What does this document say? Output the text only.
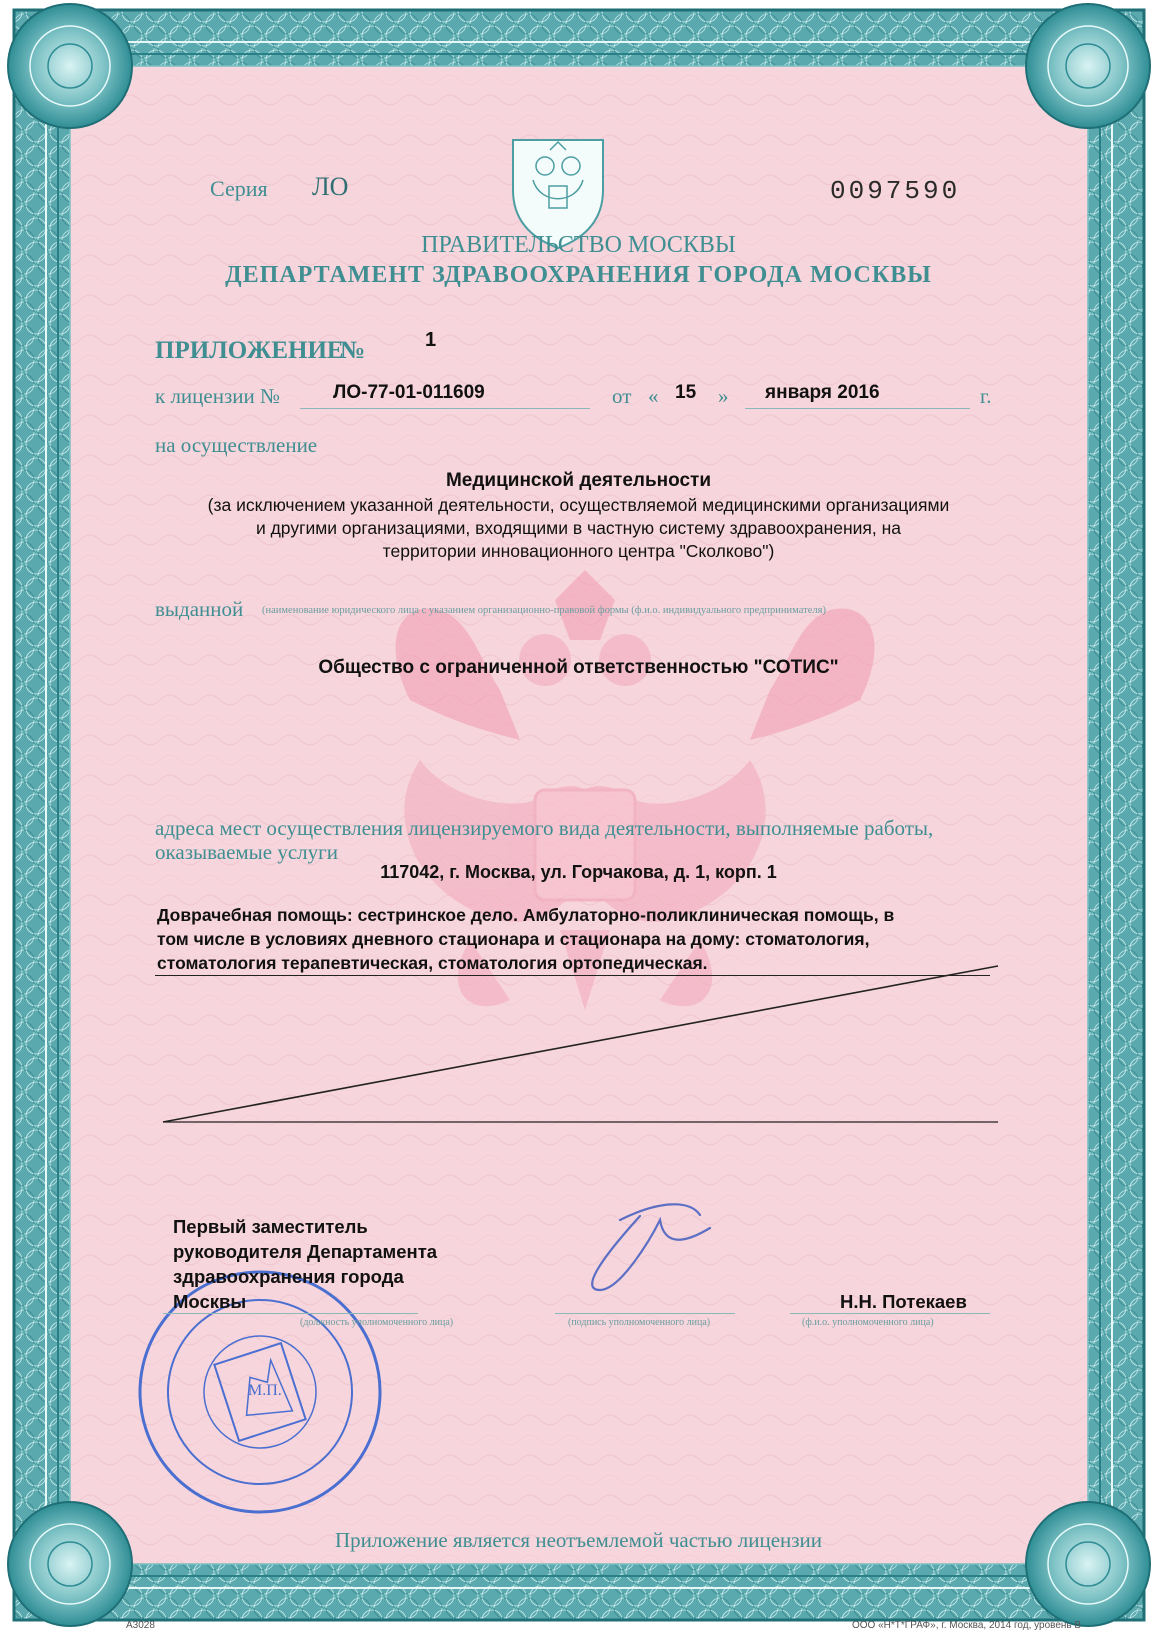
Серия ЛО	0097590
ПРАВИТЕЛЬСТВО МОСКВЫ
ДЕПАРТАМЕНТ ЗДРАВООХРАНЕНИЯ ГОРОДА МОСКВЫ
ПРИЛОЖЕНИЕ
№	1
к лицензии №	ЛО-77-01-011609	от « 15 » января 2016	г.
на осуществление
Медицинской деятельности
(за исключением указанной деятельности, осуществляемой медицинскими организациями
и другими организациями, входящими в частную систему здравоохранения, на
территории инновационного центра "Сколково")
выданной (наименование юридического лица с указанием организационно-правовой формы (ф.и.о. индивидуального предпринимателя)
Общество с ограниченной ответственностью "СОТИС"
адреса мест осуществления лицензируемого вида деятельности, выполняемые работы,
оказываемые услуги
117042, г. Москва, ул. Горчакова, д. 1, корп. 1
Доврачебная помощь: сестринское дело. Амбулаторно-поликлиническая помощь, в
том числе в условиях дневного стационара и стационара на дому: стоматология,
стоматология терапевтическая, стоматология ортопедическая.
Первый заместитель
руководителя Департамента
здравоохранения города
Москвы	Н.Н. Потекаев
(должность уполномоченного лица)	(подпись уполномоченного лица)	(ф.и.о. уполномоченного лица)
М.П.
Приложение является неотъемлемой частью лицензии
А3028	ООО «Н*Т*ГРАФ», г. Москва, 2014 год, уровень В
